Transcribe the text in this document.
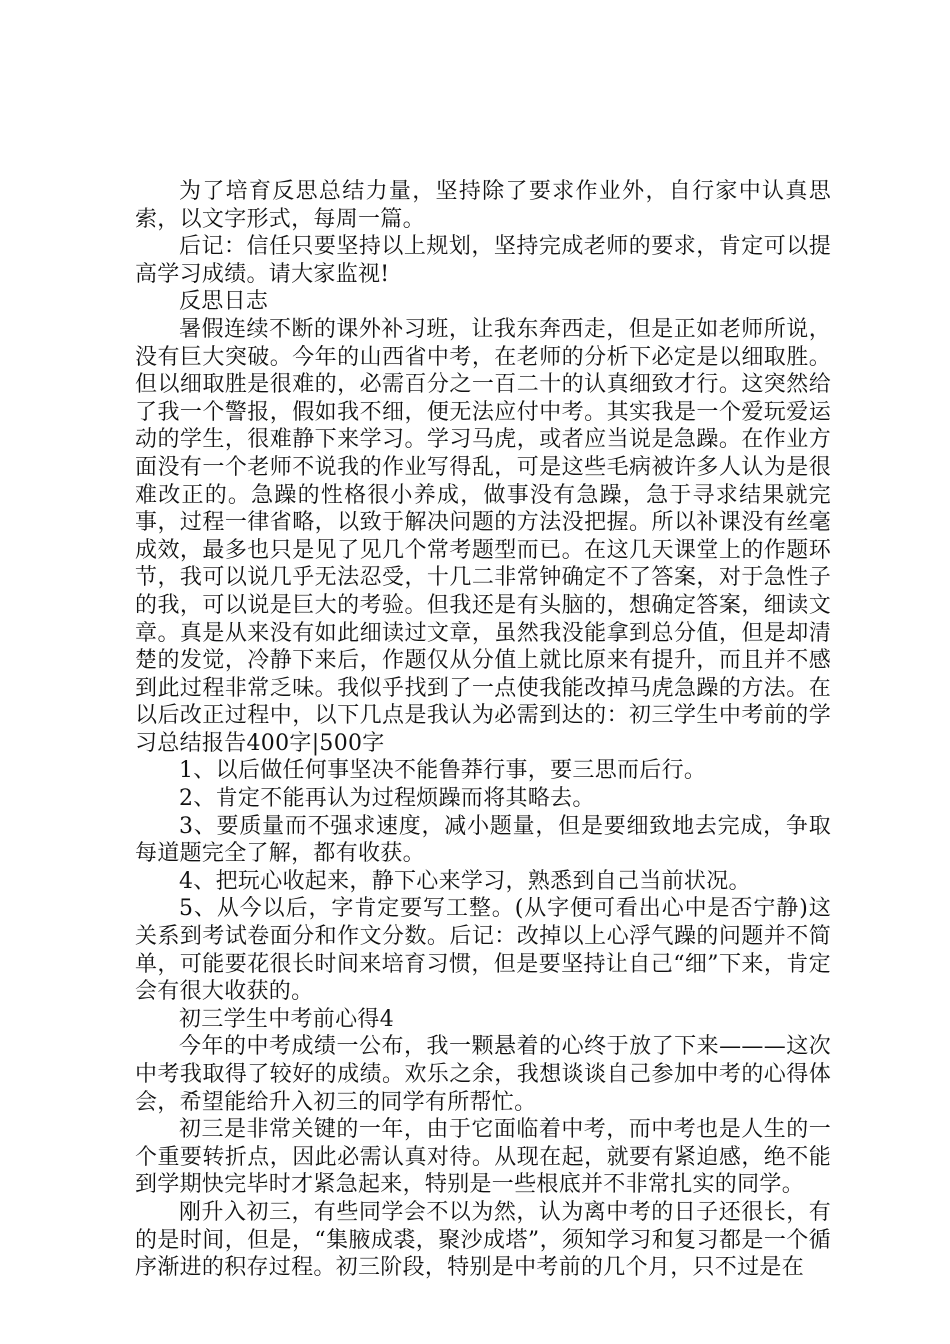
为了培育反思总结力量，坚持除了要求作业外，自行家中认真思索，以文字形式，每周一篇。

后记：信任只要坚持以上规划，坚持完成老师的要求，肯定可以提高学习成绩。请大家监视!

反思日志

暑假连续不断的课外补习班，让我东奔西走，但是正如老师所说，没有巨大突破。今年的山西省中考，在老师的分析下必定是以细取胜。但以细取胜是很难的，必需百分之一百二十的认真细致才行。这突然给了我一个警报，假如我不细，便无法应付中考。其实我是一个爱玩爱运动的学生，很难静下来学习。学习马虎，或者应当说是急躁。在作业方面没有一个老师不说我的作业写得乱，可是这些毛病被许多人认为是很难改正的。急躁的性格很小养成，做事没有急躁，急于寻求结果就完事，过程一律省略，以致于解决问题的方法没把握。所以补课没有丝毫成效，最多也只是见了见几个常考题型而已。在这几天课堂上的作题环节，我可以说几乎无法忍受，十几二非常钟确定不了答案，对于急性子的我，可以说是巨大的考验。但我还是有头脑的，想确定答案，细读文章。真是从来没有如此细读过文章，虽然我没能拿到总分值，但是却清楚的发觉，冷静下来后，作题仅从分值上就比原来有提升，而且并不感到此过程非常乏味。我似乎找到了一点使我能改掉马虎急躁的方法。在以后改正过程中，以下几点是我认为必需到达的：初三学生中考前的学习总结报告400字|500字

1、以后做任何事坚决不能鲁莽行事，要三思而后行。

2、肯定不能再认为过程烦躁而将其略去。

3、要质量而不强求速度，减小题量，但是要细致地去完成，争取每道题完全了解，都有收获。

4、把玩心收起来，静下心来学习，熟悉到自己当前状况。

5、从今以后，字肯定要写工整。(从字便可看出心中是否宁静)这关系到考试卷面分和作文分数。后记：改掉以上心浮气躁的问题并不简单，可能要花很长时间来培育习惯，但是要坚持让自己“细”下来，肯定会有很大收获的。

初三学生中考前心得4

今年的中考成绩一公布，我一颗悬着的心终于放了下来———这次中考我取得了较好的成绩。欢乐之余，我想谈谈自己参加中考的心得体会，希望能给升入初三的同学有所帮忙。

初三是非常关键的一年，由于它面临着中考，而中考也是人生的一个重要转折点，因此必需认真对待。从现在起，就要有紧迫感，绝不能到学期快完毕时才紧急起来，特别是一些根底并不非常扎实的同学。

刚升入初三，有些同学会不以为然，认为离中考的日子还很长，有的是时间，但是，“集腋成裘，聚沙成塔”，须知学习和复习都是一个循序渐进的积存过程。初三阶段，特别是中考前的几个月，只不过是在
